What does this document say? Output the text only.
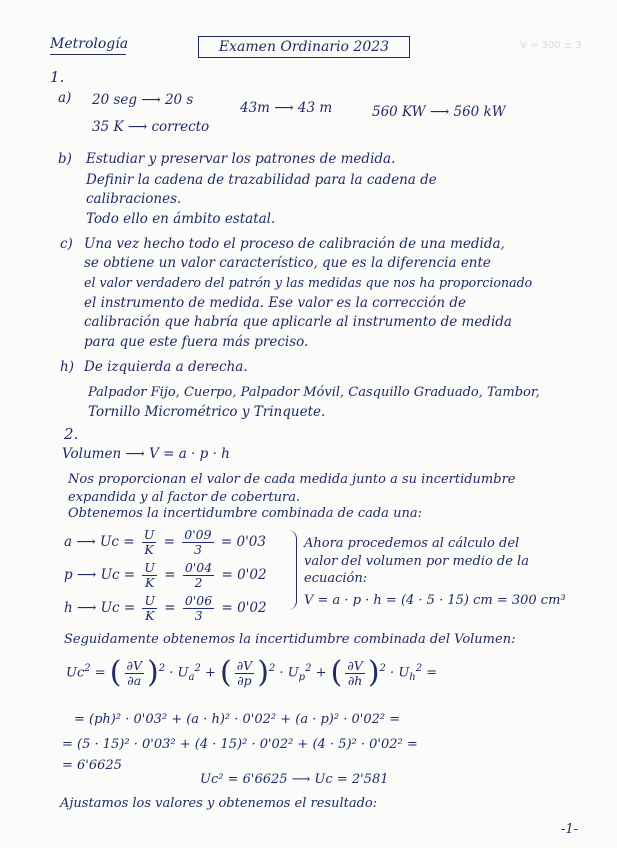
V = 300 ± 3
Metrología	Examen Ordinario 2023
1.
a) 20 seg ⟶ 20 s	43m ⟶ 43 m	560 KW ⟶ 560 kW
35 K ⟶ correcto
b) Estudiar y preservar los patrones de medida.
Definir la cadena de trazabilidad para la cadena de
calibraciones.
Todo ello en ámbito estatal.
c) Una vez hecho todo el proceso de calibración de una medida,
se obtiene un valor característico, que es la diferencia ente
el valor verdadero del patrón y las medidas que nos ha proporcionado
el instrumento de medida. Ese valor es la corrección de
calibración que habría que aplicarle al instrumento de medida
para que este fuera más preciso.
h) De izquierda a derecha.
Palpador Fijo, Cuerpo, Palpador Móvil, Casquillo Graduado, Tambor,
Tornillo Micrométrico y Trinquete.
2.
Volumen ⟶ V = a · p · h
Nos proporcionan el valor de cada medida junto a su incertidumbre
expandida y al factor de cobertura.
Obtenemos la incertidumbre combinada de cada una:
a ⟶ $Uc = \frac{U}{K} = \frac{0'09}{3} = 0'03$
p ⟶ $Uc = \frac{U}{K} = \frac{0'04}{2} = 0'02$
h ⟶ $Uc = \frac{U}{K} = \frac{0'06}{3} = 0'02$
Ahora procedemos al cálculo del
valor del volumen por medio de la
ecuación:
V = a · p · h = (4 · 5 · 15) cm = 300 cm³
Seguidamente obtenemos la incertidumbre combinada del Volumen:
$Uc^2$ = ( $\frac{\partial V}{\partial a} )^2 \cdot U_a^2$ + ( $\frac{\partial V}{\partial p} )^2 \cdot U_p^2$ + ( $\frac{\partial V}{\partial h} )^2 \cdot U_h^2$ =
= (ph)² · 0'03² + (a · h)² · 0'02² + (a · p)² · 0'02² =
= (5 · 15)² · 0'03² + (4 · 15)² · 0'02² + (4 · 5)² · 0'02² =
= 6'6625
Uc² = 6'6625 ⟶ Uc = 2'581
Ajustamos los valores y obtenemos el resultado:
-1-
